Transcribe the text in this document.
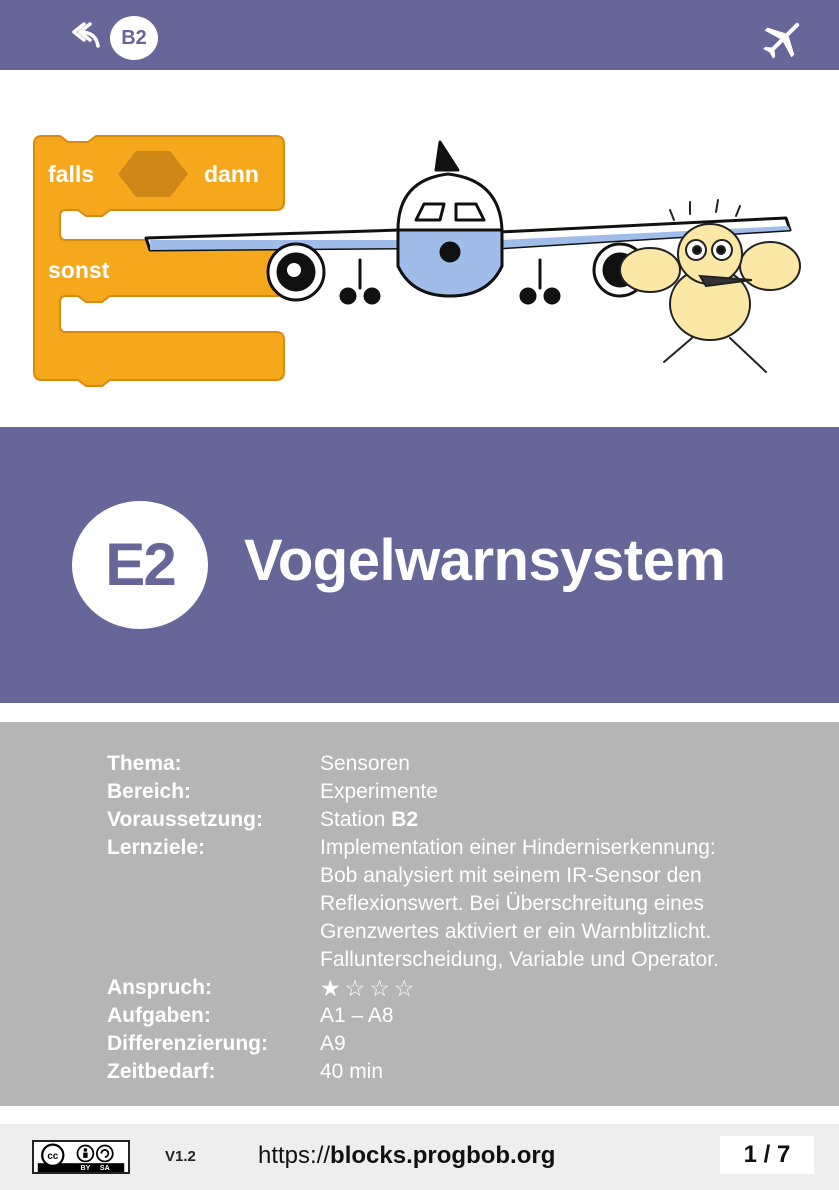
B2
falls	dann
sonst
E2	Vogelwarnsystem
Thema:	Sensoren
Bereich:	Experimente
Voraussetzung:	Station B2
Lernziele:	Implementation einer Hinderniserkennung:
Bob analysiert mit seinem IR-Sensor den
Reflexionswert. Bei Überschreitung eines
Grenzwertes aktiviert er ein Warnblitzlicht.
Fallunterscheidung, Variable und Operator.
Anspruch:	★ ☆ ☆ ☆
Aufgaben:	A1 – A8
Differenzierung: A9
Zeitbedarf:	40 min
cc
BY SA
V1.2	https://blocks.progbob.org	1 / 7
